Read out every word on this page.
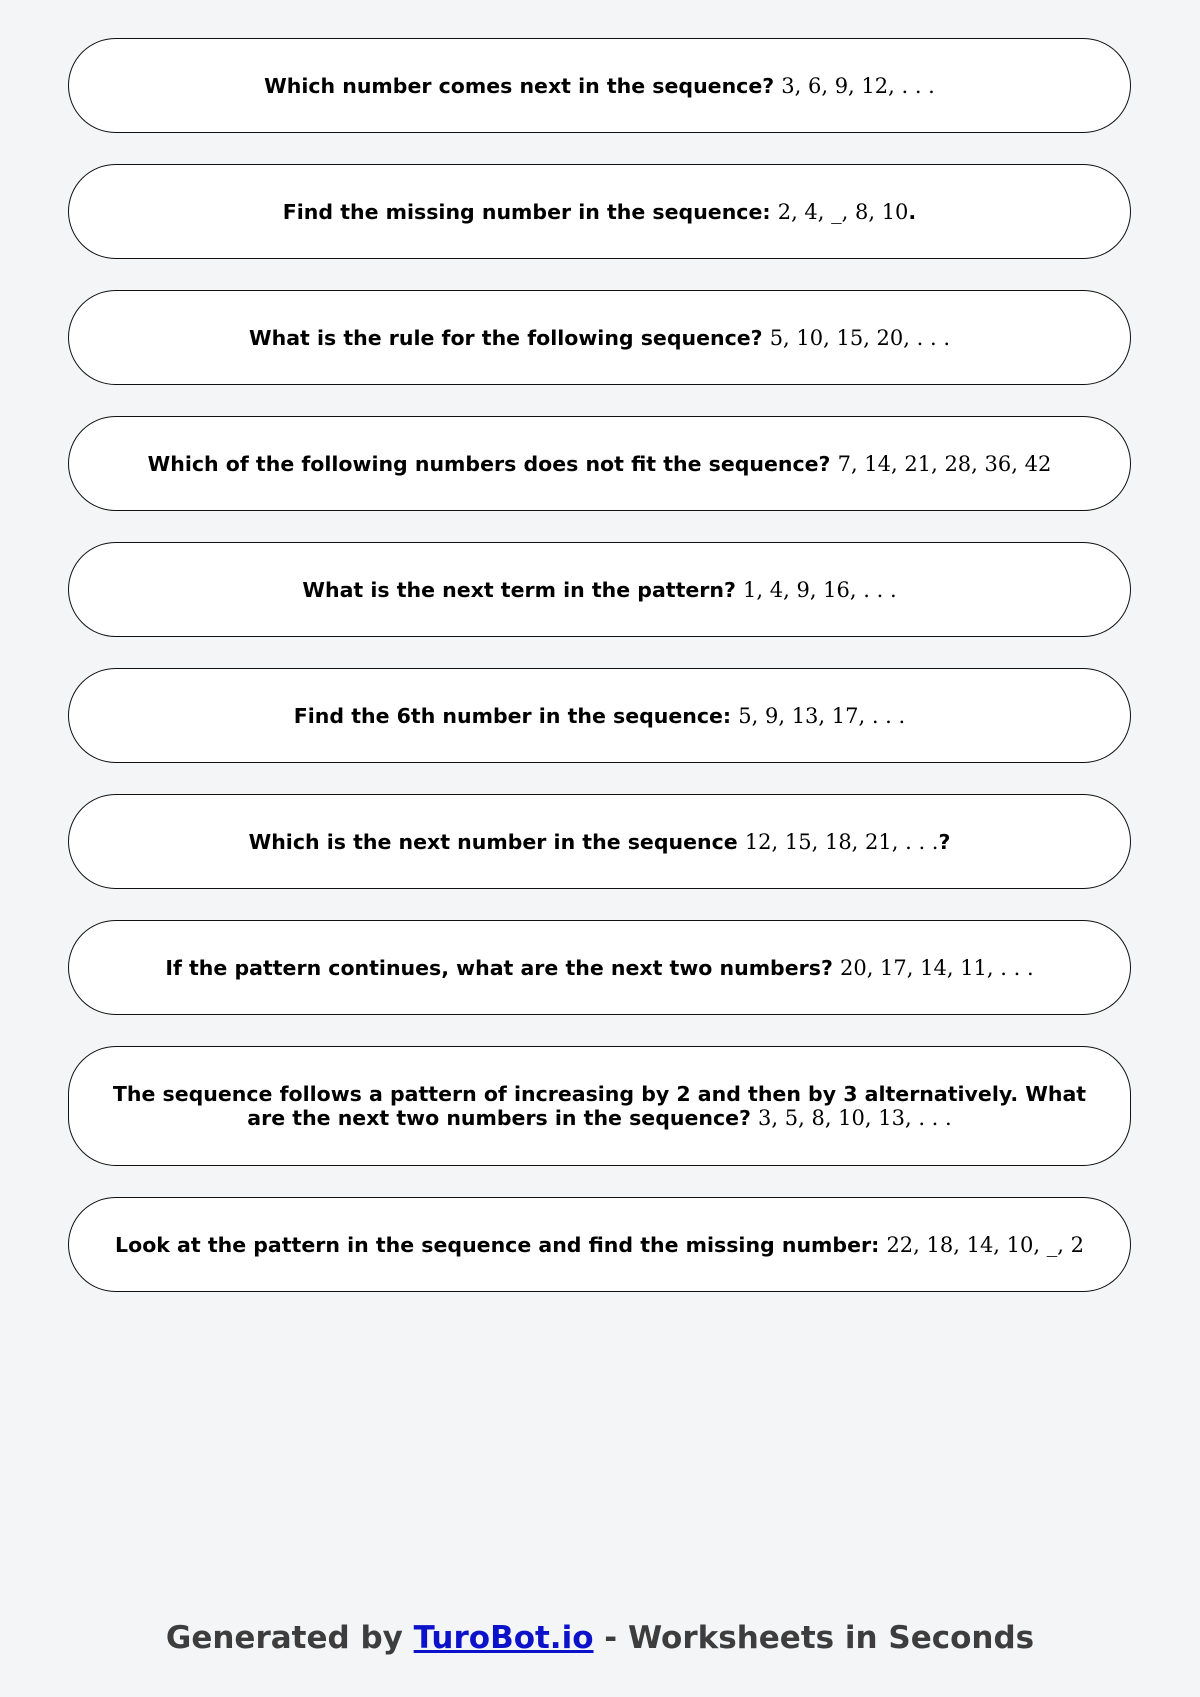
Which number comes next in the sequence? 3, 6, 9, 12, . . .
Find the missing number in the sequence: 2, 4, _, 8, 10.
What is the rule for the following sequence? 5, 10, 15, 20, . . .
Which of the following numbers does not fit the sequence? 7, 14, 21, 28, 36, 42
What is the next term in the pattern? 1, 4, 9, 16, . . .
Find the 6th number in the sequence: 5, 9, 13, 17, . . .
Which is the next number in the sequence 12, 15, 18, 21, . . .?
If the pattern continues, what are the next two numbers? 20, 17, 14, 11, . . .
The sequence follows a pattern of increasing by 2 and then by 3 alternatively. What are the next two numbers in the sequence? 3, 5, 8, 10, 13, . . .
Look at the pattern in the sequence and find the missing number: 22, 18, 14, 10, _, 2
Generated by TuroBot.io - Worksheets in Seconds
